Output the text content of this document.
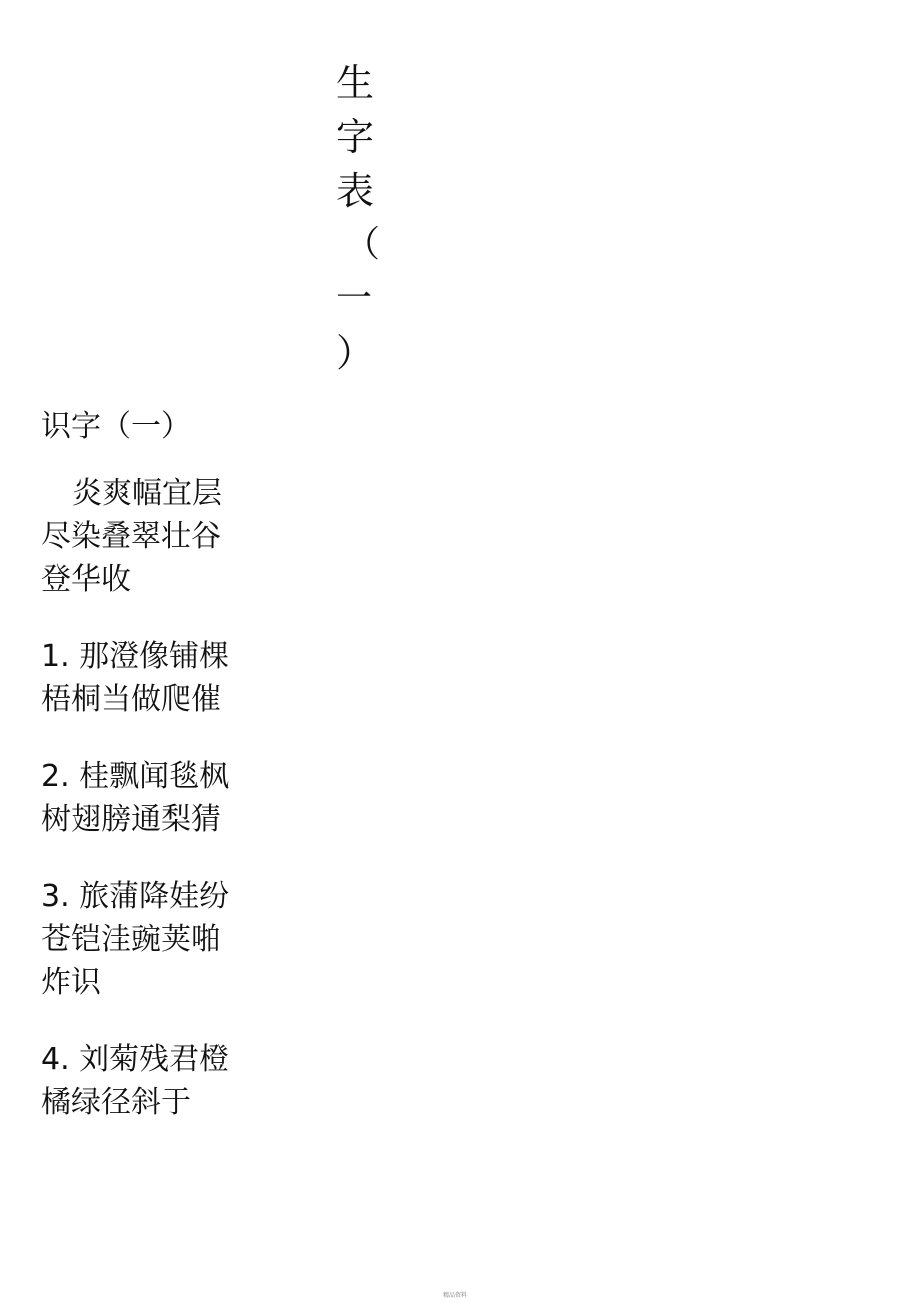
生
字
表
（
一
）
识字（一）
炎爽幅宜层尽染叠翠壮谷登华收
1. 那澄像铺棵梧桐当做爬催
2. 桂飘闻毯枫树翅膀通梨猜
3. 旅蒲降娃纷苍铠洼豌荚啪炸识
4. 刘菊残君橙橘绿径斜于
精品资料
